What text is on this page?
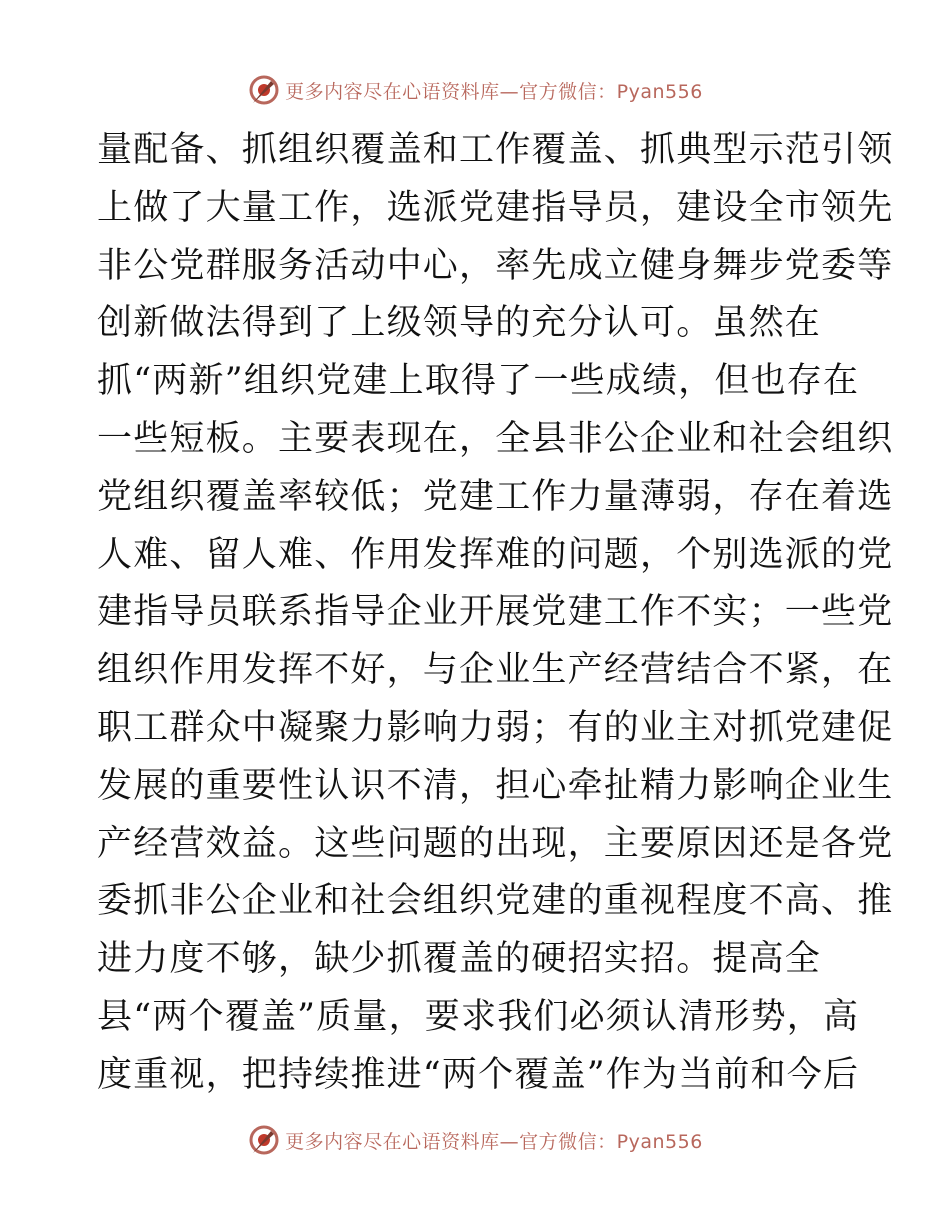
更多内容尽在心语资料库—官方微信：Pyan556
量配备、抓组织覆盖和工作覆盖、抓典型示范引领
上做了大量工作，选派党建指导员，建设全市领先
非公党群服务活动中心，率先成立健身舞步党委等
创新做法得到了上级领导的充分认可。虽然在
抓“两新”组织党建上取得了一些成绩，但也存在
一些短板。主要表现在，全县非公企业和社会组织
党组织覆盖率较低；党建工作力量薄弱，存在着选
人难、留人难、作用发挥难的问题，个别选派的党
建指导员联系指导企业开展党建工作不实；一些党
组织作用发挥不好，与企业生产经营结合不紧，在
职工群众中凝聚力影响力弱；有的业主对抓党建促
发展的重要性认识不清，担心牵扯精力影响企业生
产经营效益。这些问题的出现，主要原因还是各党
委抓非公企业和社会组织党建的重视程度不高、推
进力度不够，缺少抓覆盖的硬招实招。提高全
县“两个覆盖”质量，要求我们必须认清形势，高
度重视，把持续推进“两个覆盖”作为当前和今后
更多内容尽在心语资料库—官方微信：Pyan556
